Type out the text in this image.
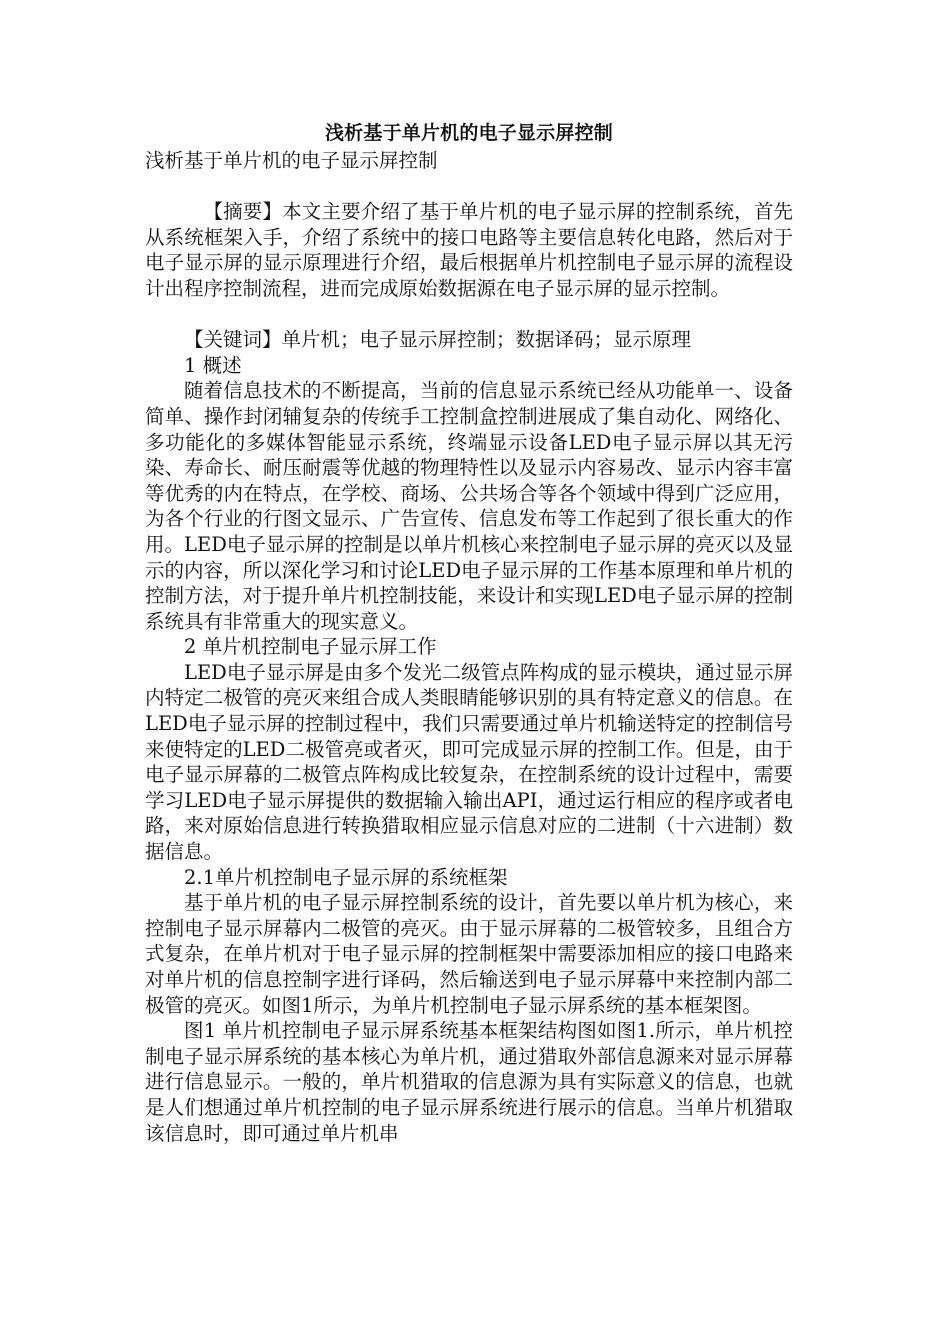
浅析基于单片机的电子显示屏控制
浅析基于单片机的电子显示屏控制

【摘要】本文主要介绍了基于单片机的电子显示屏的控制系统，首先从系统框架入手，介绍了系统中的接口电路等主要信息转化电路，然后对于电子显示屏的显示原理进行介绍，最后根据单片机控制电子显示屏的流程设计出程序控制流程，进而完成原始数据源在电子显示屏的显示控制。

【关键词】单片机；电子显示屏控制；数据译码；显示原理

1 概述

随着信息技术的不断提高，当前的信息显示系统已经从功能单一、设备简单、操作封闭辅复杂的传统手工控制盒控制进展成了集自动化、网络化、多功能化的多媒体智能显示系统，终端显示设备LED电子显示屏以其无污染、寿命长、耐压耐震等优越的物理特性以及显示内容易改、显示内容丰富等优秀的内在特点，在学校、商场、公共场合等各个领域中得到广泛应用，为各个行业的行图文显示、广告宣传、信息发布等工作起到了很长重大的作用。LED电子显示屏的控制是以单片机核心来控制电子显示屏的亮灭以及显示的内容，所以深化学习和讨论LED电子显示屏的工作基本原理和单片机的控制方法，对于提升单片机控制技能，来设计和实现LED电子显示屏的控制系统具有非常重大的现实意义。

2 单片机控制电子显示屏工作

LED电子显示屏是由多个发光二级管点阵构成的显示模块，通过显示屏内特定二极管的亮灭来组合成人类眼睛能够识别的具有特定意义的信息。在LED电子显示屏的控制过程中，我们只需要通过单片机输送特定的控制信号来使特定的LED二极管亮或者灭，即可完成显示屏的控制工作。但是，由于电子显示屏幕的二极管点阵构成比较复杂，在控制系统的设计过程中，需要学习LED电子显示屏提供的数据输入输出API，通过运行相应的程序或者电路，来对原始信息进行转换猎取相应显示信息对应的二进制（十六进制）数据信息。

2.1单片机控制电子显示屏的系统框架

基于单片机的电子显示屏控制系统的设计，首先要以单片机为核心，来控制电子显示屏幕内二极管的亮灭。由于显示屏幕的二极管较多，且组合方式复杂，在单片机对于电子显示屏的控制框架中需要添加相应的接口电路来对单片机的信息控制字进行译码，然后输送到电子显示屏幕中来控制内部二极管的亮灭。如图1所示，为单片机控制电子显示屏系统的基本框架图。

图1 单片机控制电子显示屏系统基本框架结构图如图1.所示，单片机控制电子显示屏系统的基本核心为单片机，通过猎取外部信息源来对显示屏幕进行信息显示。一般的，单片机猎取的信息源为具有实际意义的信息，也就是人们想通过单片机控制的电子显示屏系统进行展示的信息。当单片机猎取该信息时，即可通过单片机串
